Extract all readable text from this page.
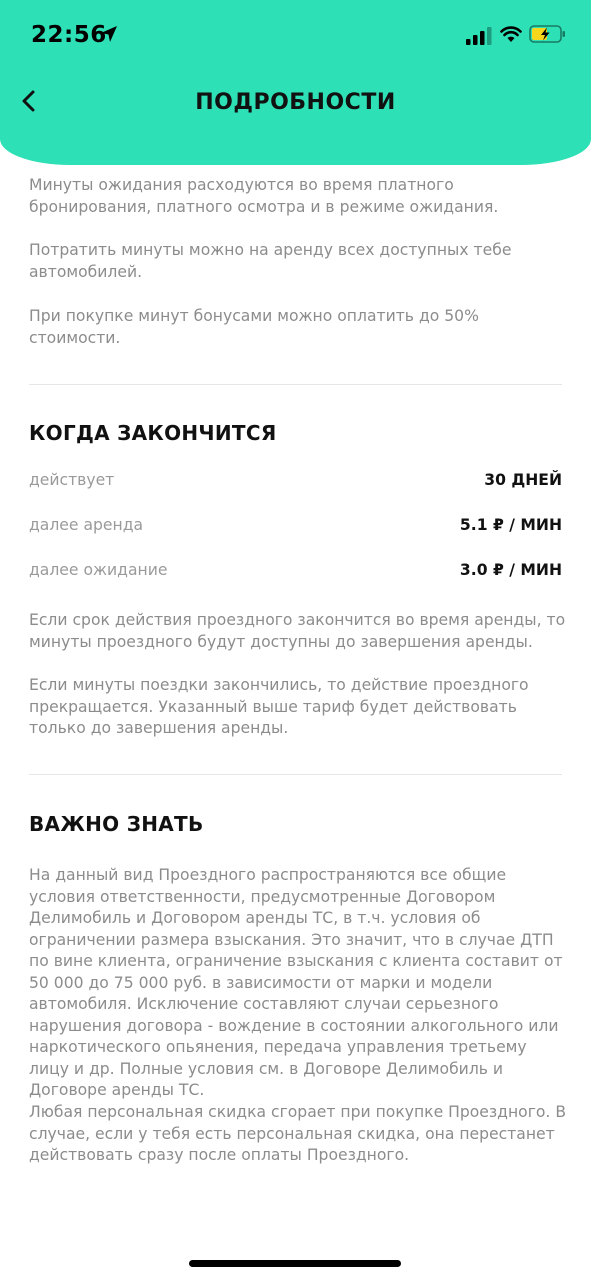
22:56
ПОДРОБНОСТИ
Минуты ожидания расходуются во время платного бронирования, платного осмотра и в режиме ожидания.
Потратить минуты можно на аренду всех доступных тебе автомобилей.
При покупке минут бонусами можно оплатить до 50% стоимости.
КОГДА ЗАКОНЧИТСЯ
действует	30 ДНЕЙ
далее аренда	5.1 ₽ / МИН
далее ожидание	3.0 ₽ / МИН
Если срок действия проездного закончится во время аренды, то минуты проездного будут доступны до завершения аренды.
Если минуты поездки закончились, то действие проездного прекращается. Указанный выше тариф будет действовать только до завершения аренды.
ВАЖНО ЗНАТЬ
На данный вид Проездного распространяются все общие условия ответственности, предусмотренные Договором Делимобиль и Договором аренды ТС, в т.ч. условия об ограничении размера взыскания. Это значит, что в случае ДТП по вине клиента, ограничение взыскания с клиента составит от 50 000 до 75 000 руб. в зависимости от марки и модели автомобиля. Исключение составляют случаи серьезного нарушения договора - вождение в состоянии алкогольного или наркотического опьянения, передача управления третьему лицу и др. Полные условия см. в Договоре Делимобиль и Договоре аренды ТС.
Любая персональная скидка сгорает при покупке Проездного. В случае, если у тебя есть персональная скидка, она перестанет действовать сразу после оплаты Проездного.
